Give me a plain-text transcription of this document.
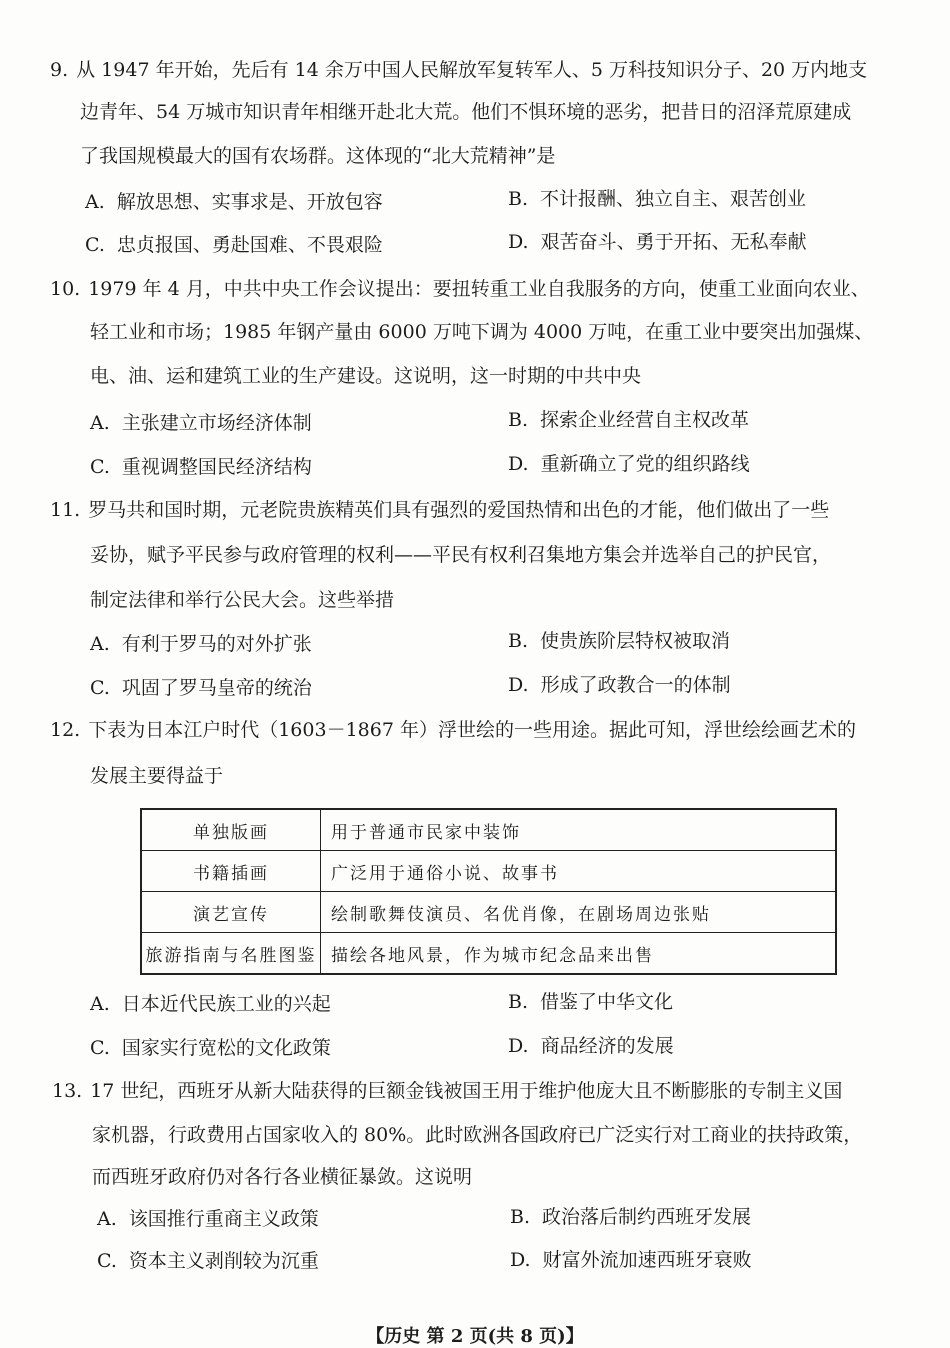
9. 从 1947 年开始，先后有 14 余万中国人民解放军复转军人、5 万科技知识分子、20 万内地支
边青年、54 万城市知识青年相继开赴北大荒。他们不惧环境的恶劣，把昔日的沼泽荒原建成
了我国规模最大的国有农场群。这体现的“北大荒精神”是
A. 解放思想、实事求是、开放包容	B. 不计报酬、独立自主、艰苦创业
C. 忠贞报国、勇赴国难、不畏艰险	D. 艰苦奋斗、勇于开拓、无私奉献
10. 1979 年 4 月，中共中央工作会议提出：要扭转重工业自我服务的方向，使重工业面向农业、
轻工业和市场；1985 年钢产量由 6000 万吨下调为 4000 万吨，在重工业中要突出加强煤、
电、油、运和建筑工业的生产建设。这说明，这一时期的中共中央
A. 主张建立市场经济体制	B. 探索企业经营自主权改革
C. 重视调整国民经济结构	D. 重新确立了党的组织路线
11. 罗马共和国时期，元老院贵族精英们具有强烈的爱国热情和出色的才能，他们做出了一些
妥协，赋予平民参与政府管理的权利——平民有权利召集地方集会并选举自己的护民官，
制定法律和举行公民大会。这些举措
A. 有利于罗马的对外扩张	B. 使贵族阶层特权被取消
C. 巩固了罗马皇帝的统治	D. 形成了政教合一的体制
12. 下表为日本江户时代（1603－1867 年）浮世绘的一些用途。据此可知，浮世绘绘画艺术的
发展主要得益于
单独版画	用于普通市民家中装饰
书籍插画	广泛用于通俗小说、故事书
演艺宣传	绘制歌舞伎演员、名优肖像，在剧场周边张贴
旅游指南与名胜图鉴	描绘各地风景，作为城市纪念品来出售
A. 日本近代民族工业的兴起	B. 借鉴了中华文化
C. 国家实行宽松的文化政策	D. 商品经济的发展
13. 17 世纪，西班牙从新大陆获得的巨额金钱被国王用于维护他庞大且不断膨胀的专制主义国
家机器，行政费用占国家收入的 80%。此时欧洲各国政府已广泛实行对工商业的扶持政策，
而西班牙政府仍对各行各业横征暴敛。这说明
A. 该国推行重商主义政策	B. 政治落后制约西班牙发展
C. 资本主义剥削较为沉重	D. 财富外流加速西班牙衰败
【历史 第 2 页(共 8 页)】
